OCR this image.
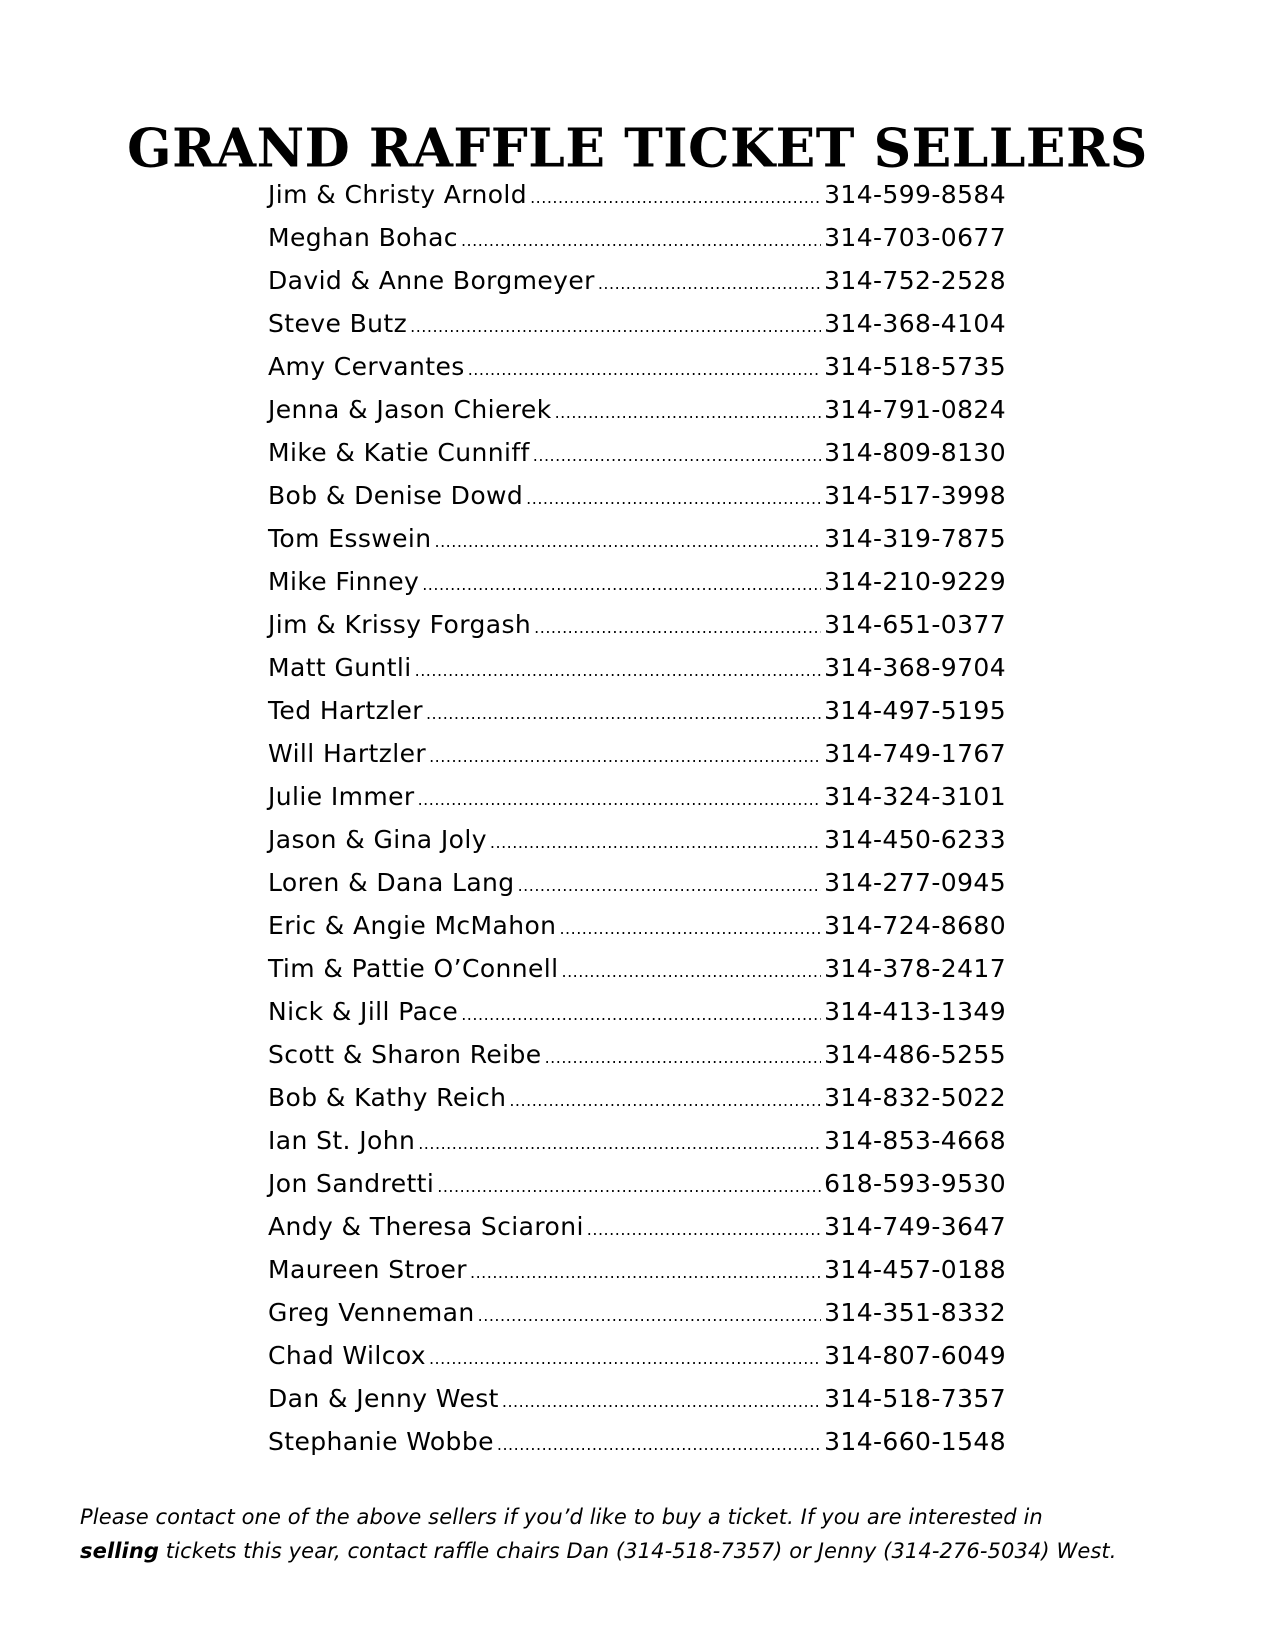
GRAND RAFFLE TICKET SELLERS
Jim & Christy Arnold .....	314-599-8584
Meghan Bohac .....	314-703-0677
David & Anne Borgmeyer .....	314-752-2528
Steve Butz .....	314-368-4104
Amy Cervantes .....	314-518-5735
Jenna & Jason Chierek .....	314-791-0824
Mike & Katie Cunniff .....	314-809-8130
Bob & Denise Dowd .....	314-517-3998
Tom Esswein .....	314-319-7875
Mike Finney .....	314-210-9229
Jim & Krissy Forgash .....	314-651-0377
Matt Guntli .....	314-368-9704
Ted Hartzler .....	314-497-5195
Will Hartzler .....	314-749-1767
Julie Immer .....	314-324-3101
Jason & Gina Joly .....	314-450-6233
Loren & Dana Lang .....	314-277-0945
Eric & Angie McMahon .....	314-724-8680
Tim & Pattie O’Connell .....	314-378-2417
Nick & Jill Pace .....	314-413-1349
Scott & Sharon Reibe .....	314-486-5255
Bob & Kathy Reich .....	314-832-5022
Ian St. John .....	314-853-4668
Jon Sandretti .....	618-593-9530
Andy & Theresa Sciaroni .....	314-749-3647
Maureen Stroer .....	314-457-0188
Greg Venneman .....	314-351-8332
Chad Wilcox .....	314-807-6049
Dan & Jenny West .....	314-518-7357
Stephanie Wobbe .....	314-660-1548
Please contact one of the above sellers if you’d like to buy a ticket. If you are interested in
selling tickets this year, contact raffle chairs Dan (314-518-7357) or Jenny (314-276-5034) West.
